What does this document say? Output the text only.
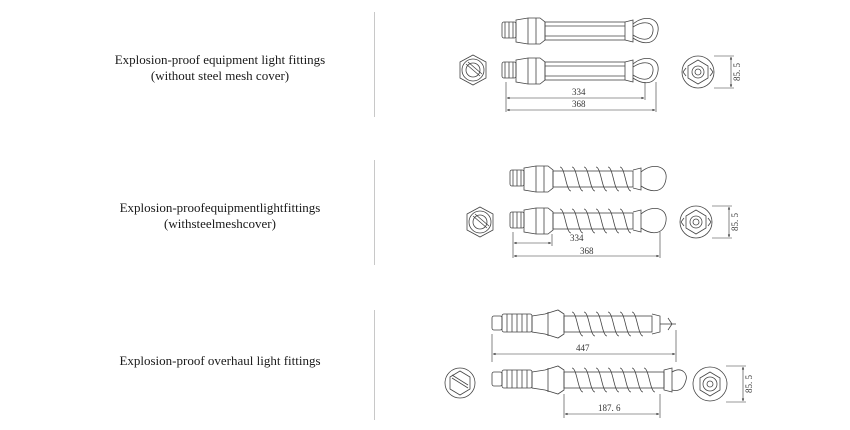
Explosion-proof equipment light fittings
(without steel mesh cover)
Explosion-proofequipmentlightfittings
(withsteelmeshcover)
Explosion-proof overhaul light fittings
334
368
85. 5
334
368
85. 5
447
187. 6
85. 5
